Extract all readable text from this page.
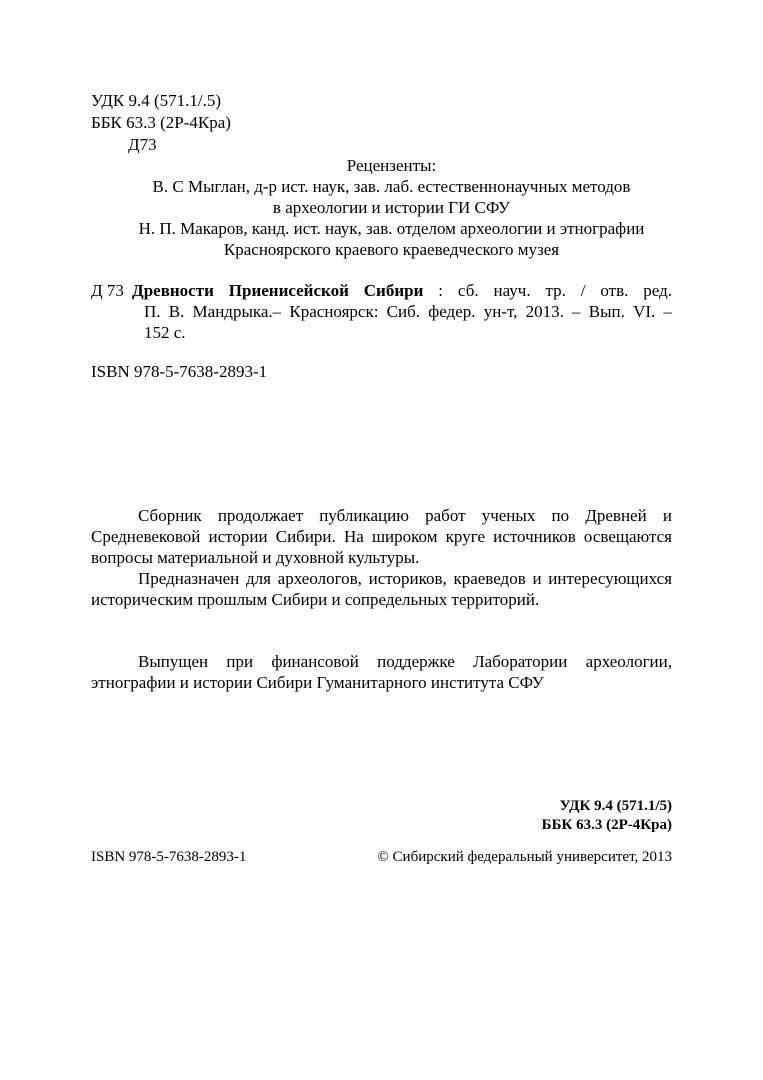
УДК 9.4 (571.1/.5)
ББК 63.3 (2Р-4Кра)
Д73
Рецензенты:
В. С Мыглан, д-р ист. наук, зав. лаб. естественнонаучных методов
в археологии и истории ГИ СФУ
Н. П. Макаров, канд. ист. наук, зав. отделом археологии и этнографии
Красноярского краевого краеведческого музея
Д 73 Древности Приенисейской Сибири : сб. науч. тр. / отв. ред.
П. В. Мандрыка.– Красноярск: Сиб. федер. ун-т, 2013. – Вып. VI. –
152 с.
ISBN 978-5-7638-2893-1

Сборник продолжает публикацию работ ученых по Древней и Средневековой истории Сибири. На широком круге источников освещаются вопросы материальной и духовной культуры.

Предназначен для археологов, историков, краеведов и интересующихся историческим прошлым Сибири и сопредельных территорий.

Выпущен при финансовой поддержке Лаборатории археологии, этнографии и истории Сибири Гуманитарного института СФУ

УДК 9.4 (571.1/5)
ББК 63.3 (2Р-4Кра)
ISBN 978-5-7638-2893-1	© Сибирский федеральный университет, 2013
